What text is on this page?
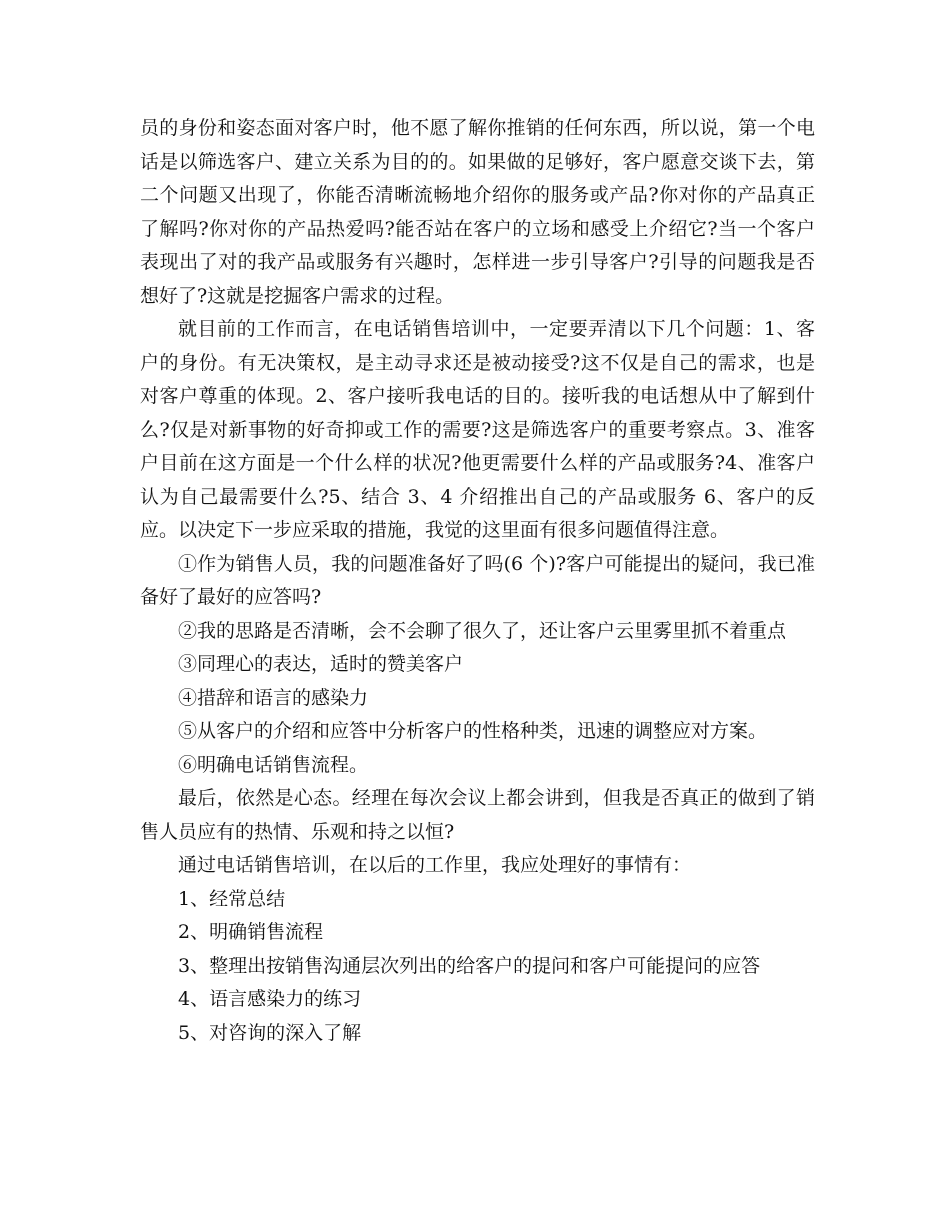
员的身份和姿态面对客户时，他不愿了解你推销的任何东西，所以说，第一个电话是以筛选客户、建立关系为目的的。如果做的足够好，客户愿意交谈下去，第二个问题又出现了，你能否清晰流畅地介绍你的服务或产品?你对你的产品真正了解吗?你对你的产品热爱吗?能否站在客户的立场和感受上介绍它?当一个客户表现出了对的我产品或服务有兴趣时，怎样进一步引导客户?引导的问题我是否想好了?这就是挖掘客户需求的过程。

就目前的工作而言，在电话销售培训中，一定要弄清以下几个问题：1、客户的身份。有无决策权，是主动寻求还是被动接受?这不仅是自己的需求，也是对客户尊重的体现。2、客户接听我电话的目的。接听我的电话想从中了解到什么?仅是对新事物的好奇抑或工作的需要?这是筛选客户的重要考察点。3、准客户目前在这方面是一个什么样的状况?他更需要什么样的产品或服务?4、准客户认为自己最需要什么?5、结合 3、4 介绍推出自己的产品或服务 6、客户的反应。以决定下一步应采取的措施，我觉的这里面有很多问题值得注意。

①作为销售人员，我的问题准备好了吗(6 个)?客户可能提出的疑问，我已准备好了最好的应答吗?

②我的思路是否清晰，会不会聊了很久了，还让客户云里雾里抓不着重点

③同理心的表达，适时的赞美客户

④措辞和语言的感染力

⑤从客户的介绍和应答中分析客户的性格种类，迅速的调整应对方案。

⑥明确电话销售流程。

最后，依然是心态。经理在每次会议上都会讲到，但我是否真正的做到了销售人员应有的热情、乐观和持之以恒?

通过电话销售培训，在以后的工作里，我应处理好的事情有：

1、经常总结

2、明确销售流程

3、整理出按销售沟通层次列出的给客户的提问和客户可能提问的应答

4、语言感染力的练习

5、对咨询的深入了解
